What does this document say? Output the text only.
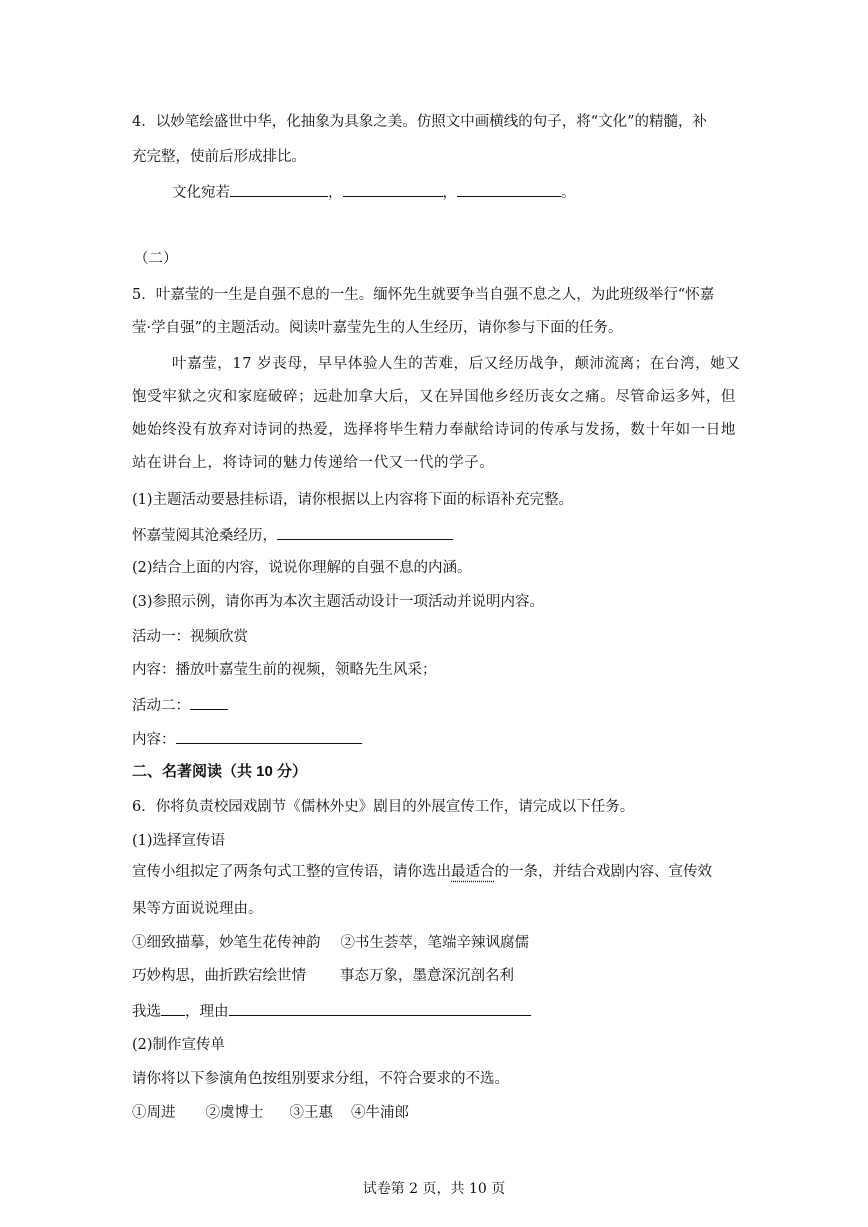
4．以妙笔绘盛世中华，化抽象为具象之美。仿照文中画横线的句子，将“文化”的精髓，补
充完整，使前后形成排比。
文化宛若	，	，	。
（二）
5．叶嘉莹的一生是自强不息的一生。缅怀先生就要争当自强不息之人，为此班级举行“怀嘉
莹·学自强”的主题活动。阅读叶嘉莹先生的人生经历，请你参与下面的任务。
叶嘉莹，17 岁丧母，早早体验人生的苦难，后又经历战争，颠沛流离；在台湾，她又
饱受牢狱之灾和家庭破碎；远赴加拿大后，又在异国他乡经历丧女之痛。尽管命运多舛，但
她始终没有放弃对诗词的热爱，选择将毕生精力奉献给诗词的传承与发扬，数十年如一日地
站在讲台上，将诗词的魅力传递给一代又一代的学子。
(1)主题活动要悬挂标语，请你根据以上内容将下面的标语补充完整。
怀嘉莹阅其沧桑经历，
(2)结合上面的内容，说说你理解的自强不息的内涵。
(3)参照示例，请你再为本次主题活动设计一项活动并说明内容。
活动一：视频欣赏
内容：播放叶嘉莹生前的视频，领略先生风采；
活动二：
内容：
二、名著阅读（共 10 分）
6．你将负责校园戏剧节《儒林外史》剧目的外展宣传工作，请完成以下任务。
(1)选择宣传语
宣传小组拟定了两条句式工整的宣传语，请你选出最适合的一条，并结合戏剧内容、宣传效
果等方面说说理由。
①细致描摹，妙笔生花传神韵 ②书生荟萃，笔端辛辣讽腐儒
巧妙构思，曲折跌宕绘世情 事态万象，墨意深沉剖名利
我选 ，理由
(2)制作宣传单
请你将以下参演角色按组别要求分组，不符合要求的不选。
①周进 ②虞博士 ③王惠 ④牛浦郎
试卷第 2 页，共 10 页
